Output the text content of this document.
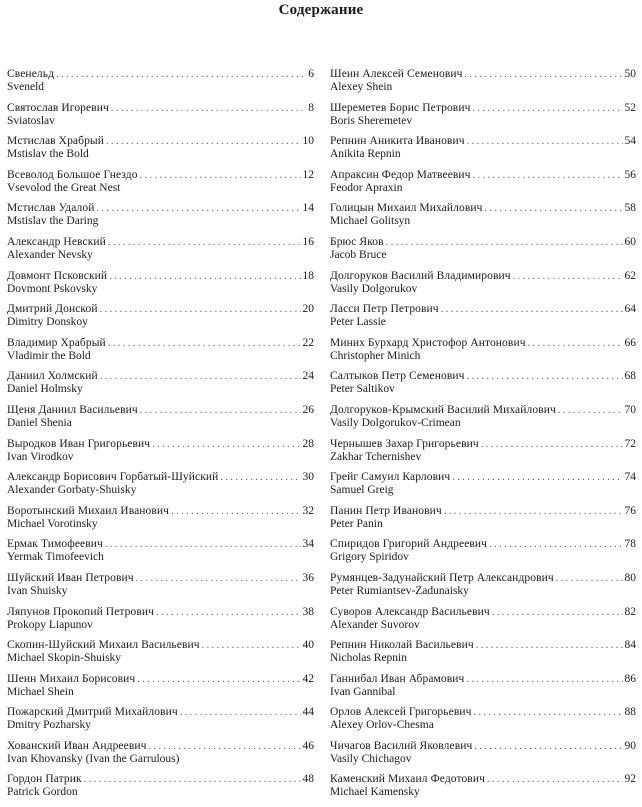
Содержание
Свенельд . . .	6
Sveneld
Святослав Игоревич . . .	8
Sviatoslav
Мстислав Храбрый . . .	10
Mstislav the Bold
Всеволод Большое Гнездо . . .	12
Vsevolod the Great Nest
Мстислав Удалой . . .	14
Mstislav the Daring
Александр Невский . . .	16
Alexander Nevsky
Довмонт Псковский . . .	18
Dovmont Pskovsky
Дмитрий Донской . . .	20
Dimitry Donskoy
Владимир Храбрый . . .	22
Vladimir the Bold
Даниил Холмский . . .	24
Daniel Holmsky
Щеня Даниил Васильевич . . .	26
Daniel Shenia
Выродков Иван Григорьевич . . .	28
Ivan Virodkov
Александр Борисович Горбатый-Шуйский . . .	30
Alexander Gorbaty-Shuisky
Воротынский Михаил Иванович . . .	32
Michael Vorotinsky
Ермак Тимофеевич . . .	34
Yermak Timofeevich
Шуйский Иван Петрович . . .	36
Ivan Shuisky
Ляпунов Прокопий Петрович . . .	38
Prokopy Liapunov
Скопин-Шуйский Михаил Васильевич . . .	40
Michael Skopin-Shuisky
Шеин Михаил Борисович . . .	42
Michael Shein
Пожарский Дмитрий Михайлович . . .	44
Dmitry Pozharsky
Хованский Иван Андреевич . . .	46
Ivan Khovansky (Ivan the Garrulous)
Гордон Патрик . . .	48
Patrick Gordon
Шеин Алексей Семенович . . .	50
Alexey Shein
Шереметев Борис Петрович . . .	52
Boris Sheremetev
Репнин Аникита Иванович . . .	54
Anikita Repnin
Апраксин Федор Матвеевич . . .	56
Feodor Apraxin
Голицын Михаил Михайлович . . .	58
Michael Golitsyn
Брюс Яков . . .	60
Jacob Bruce
Долгоруков Василий Владимирович . . .	62
Vasily Dolgorukov
Ласси Петр Петрович . . .	64
Peter Lassie
Миних Бурхард Христофор Антонович . . .	66
Christopher Minich
Салтыков Петр Семенович . . .	68
Peter Saltikov
Долгоруков-Крымский Василий Михайлович . . .	70
Vasily Dolgorukov-Crimean
Чернышев Захар Григорьевич . . .	72
Zakhar Tchernishev
Грейг Самуил Карлович . . .	74
Samuel Greig
Панин Петр Иванович . . .	76
Peter Panin
Спиридов Григорий Андреевич . . .	78
Grigory Spiridov
Румянцев-Задунайский Петр Александрович . . .	80
Peter Rumiantsev-Zadunaisky
Суворов Александр Васильевич . . .	82
Alexander Suvorov
Репнин Николай Васильевич . . .	84
Nicholas Repnin
Ганнибал Иван Абрамович . . .	86
Ivan Gannibal
Орлов Алексей Григорьевич . . .	88
Alexey Orlov-Chesma
Чичагов Василий Яковлевич . . .	90
Vasily Chichagov
Каменский Михаил Федотович . . .	92
Michael Kamensky
